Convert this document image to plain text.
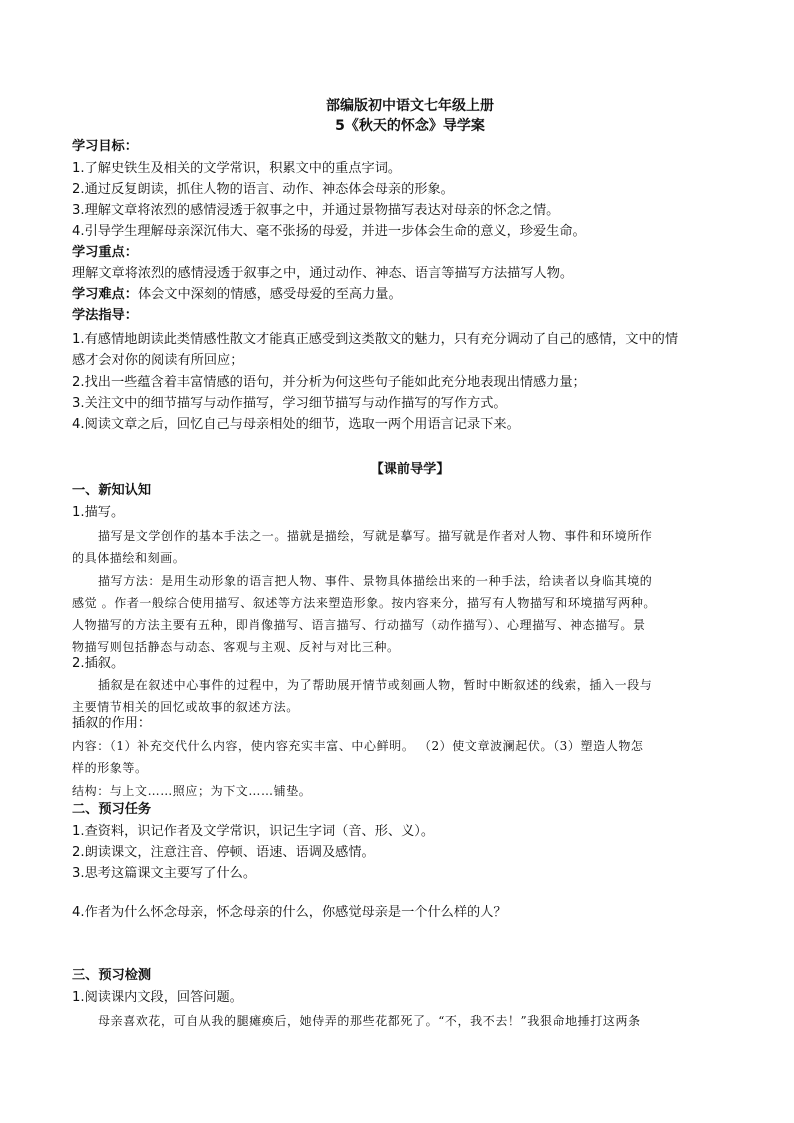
部编版初中语文七年级上册
5《秋天的怀念》导学案
学习目标：
1.了解史铁生及相关的文学常识，积累文中的重点字词。
2.通过反复朗读，抓住人物的语言、动作、神态体会母亲的形象。
3.理解文章将浓烈的感情浸透于叙事之中，并通过景物描写表达对母亲的怀念之情。
4.引导学生理解母亲深沉伟大、毫不张扬的母爱，并进一步体会生命的意义，珍爱生命。
学习重点：
理解文章将浓烈的感情浸透于叙事之中，通过动作、神态、语言等描写方法描写人物。
学习难点：体会文中深刻的情感，感受母爱的至高力量。
学法指导：
1.有感情地朗读此类情感性散文才能真正感受到这类散文的魅力，只有充分调动了自己的感情，文中的情
感才会对你的阅读有所回应；
2.找出一些蕴含着丰富情感的语句，并分析为何这些句子能如此充分地表现出情感力量；
3.关注文中的细节描写与动作描写，学习细节描写与动作描写的写作方式。
4.阅读文章之后，回忆自己与母亲相处的细节，选取一两个用语言记录下来。
【课前导学】
一、新知认知
1.描写。
描写是文学创作的基本手法之一。描就是描绘，写就是摹写。描写就是作者对人物、事件和环境所作
的具体描绘和刻画。
描写方法：是用生动形象的语言把人物、事件、景物具体描绘出来的一种手法，给读者以身临其境的
感觉 。作者一般综合使用描写、叙述等方法来塑造形象。按内容来分，描写有人物描写和环境描写两种。
人物描写的方法主要有五种，即肖像描写、语言描写、行动描写（动作描写）、心理描写、神态描写。景
物描写则包括静态与动态、客观与主观、反衬与对比三种。
2.插叙。
插叙是在叙述中心事件的过程中，为了帮助展开情节或刻画人物，暂时中断叙述的线索，插入一段与
主要情节相关的回忆或故事的叙述方法。
插叙的作用：
内容：（1）补充交代什么内容，使内容充实丰富、中心鲜明。 （2）使文章波澜起伏。（3）塑造人物怎
样的形象等。
结构：与上文……照应；为下文……铺垫。
二、预习任务
1.查资料，识记作者及文学常识，识记生字词（音、形、义）。
2.朗读课文，注意注音、停顿、语速、语调及感情。
3.思考这篇课文主要写了什么。
4.作者为什么怀念母亲，怀念母亲的什么，你感觉母亲是一个什么样的人？
三、预习检测
1.阅读课内文段，回答问题。
母亲喜欢花，可自从我的腿瘫痪后，她侍弄的那些花都死了。“不，我不去！”我狠命地捶打这两条
